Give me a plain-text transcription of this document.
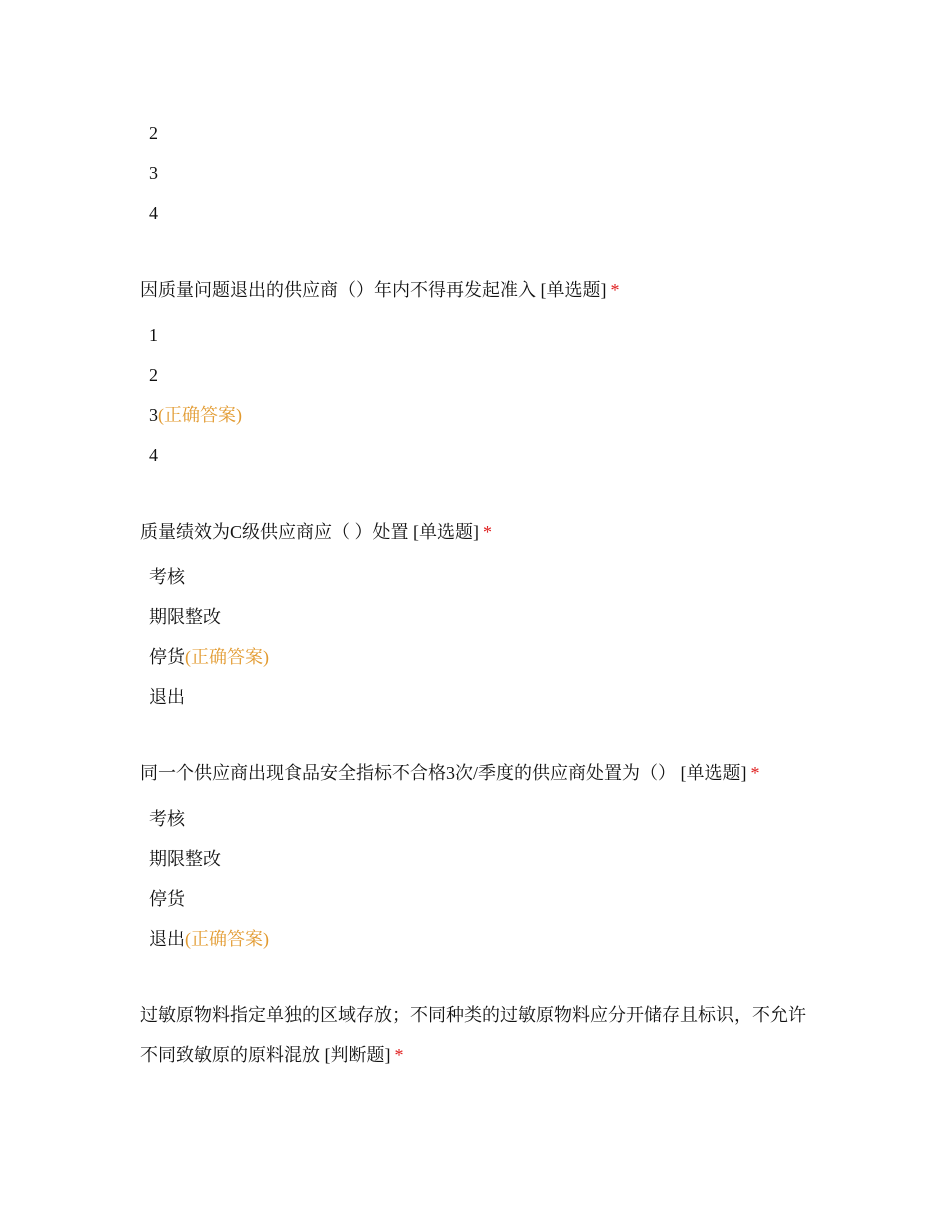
2
3
4
因质量问题退出的供应商（）年内不得再发起准入 [单选题] *
1
2
3(正确答案)
4
质量绩效为C级供应商应（ ）处置 [单选题] *
考核
期限整改
停货(正确答案)
退出
同一个供应商出现食品安全指标不合格3次/季度的供应商处置为（） [单选题] *
考核
期限整改
停货
退出(正确答案)
过敏原物料指定单独的区域存放；不同种类的过敏原物料应分开储存且标识，不允许不同致敏原的原料混放 [判断题] *
